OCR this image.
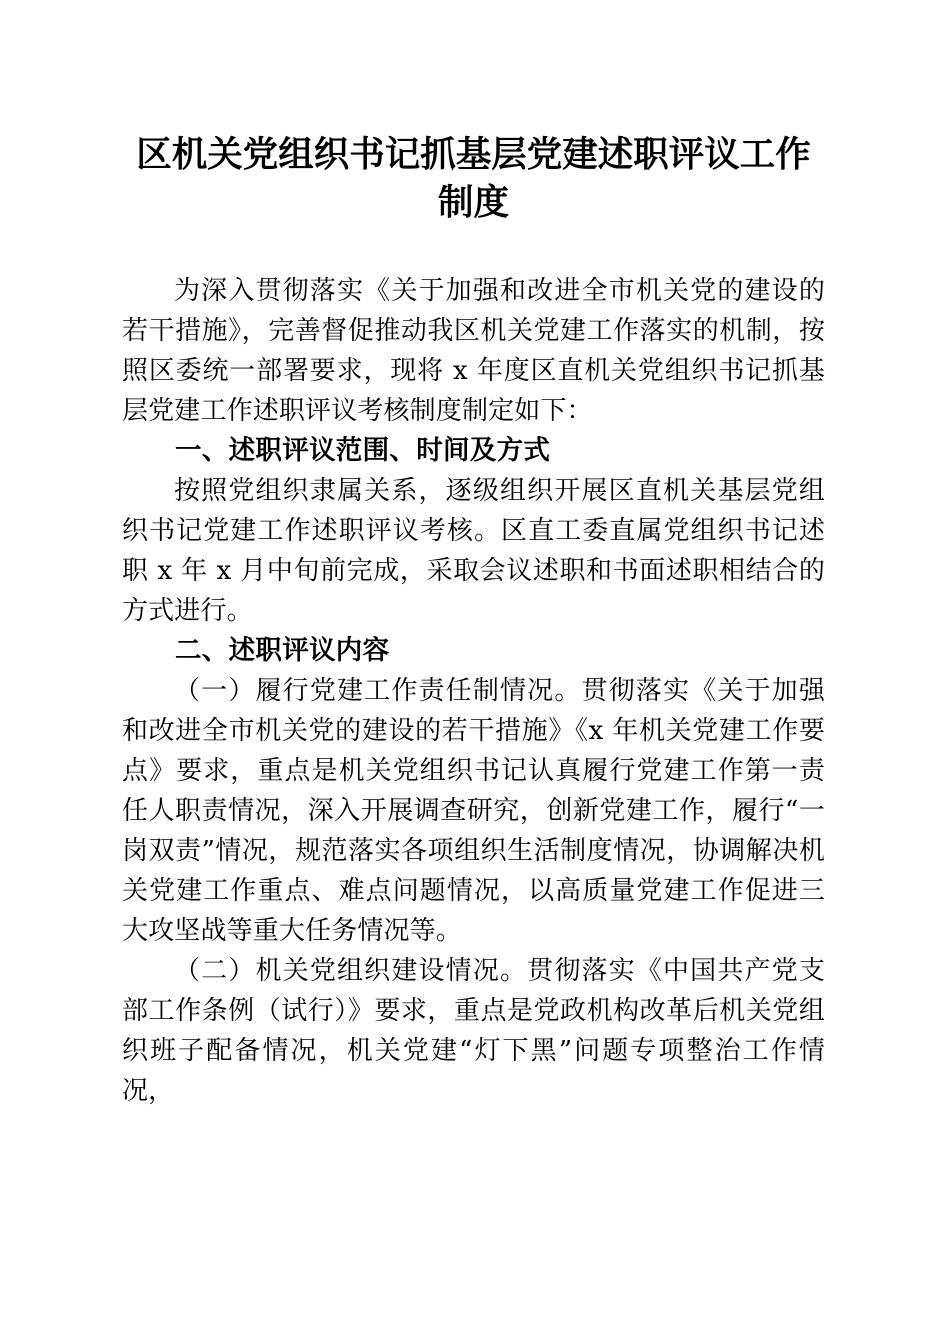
区机关党组织书记抓基层党建述职评议工作制度

为深入贯彻落实《关于加强和改进全市机关党的建设的若干措施》，完善督促推动我区机关党建工作落实的机制，按照区委统一部署要求，现将 x 年度区直机关党组织书记抓基层党建工作述职评议考核制度制定如下：

一、述职评议范围、时间及方式

按照党组织隶属关系，逐级组织开展区直机关基层党组织书记党建工作述职评议考核。区直工委直属党组织书记述职 x 年 x 月中旬前完成，采取会议述职和书面述职相结合的方式进行。

二、述职评议内容

（一）履行党建工作责任制情况。贯彻落实《关于加强和改进全市机关党的建设的若干措施》《x 年机关党建工作要点》要求，重点是机关党组织书记认真履行党建工作第一责任人职责情况，深入开展调查研究，创新党建工作，履行“一岗双责”情况，规范落实各项组织生活制度情况，协调解决机关党建工作重点、难点问题情况，以高质量党建工作促进三大攻坚战等重大任务情况等。

（二）机关党组织建设情况。贯彻落实《中国共产党支部工作条例（试行）》要求，重点是党政机构改革后机关党组织班子配备情况，机关党建“灯下黑”问题专项整治工作情况，
